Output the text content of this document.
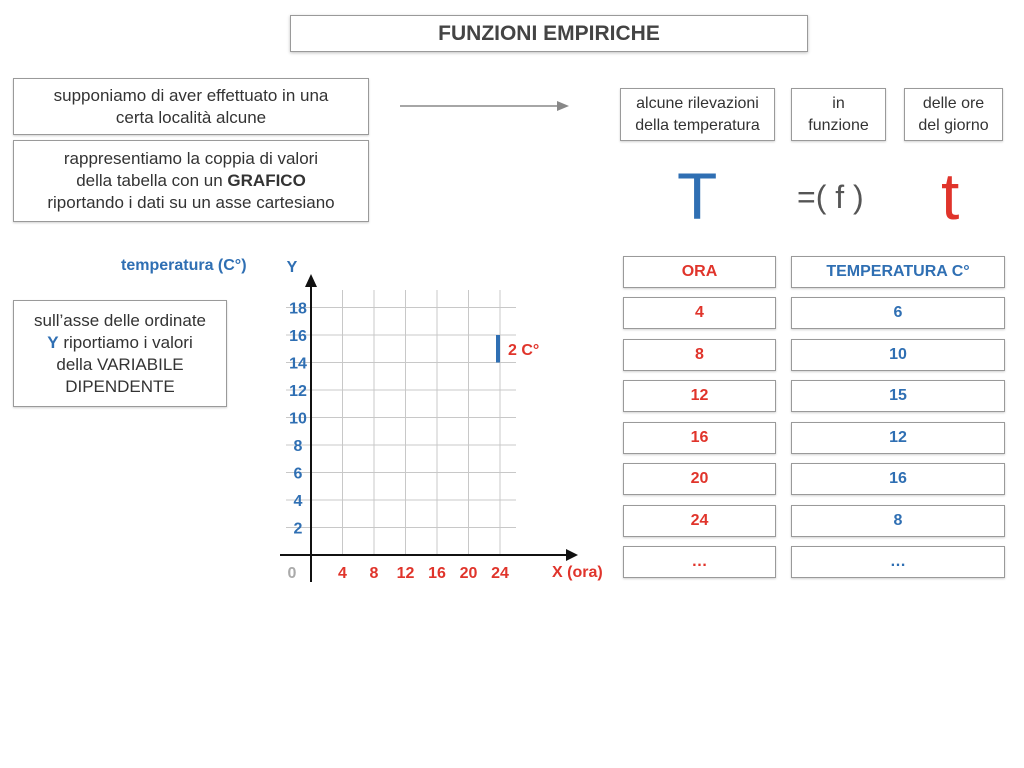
FUNZIONI EMPIRICHE
supponiamo di aver effettuato in una
certa località alcune
rappresentiamo la coppia di valori
della tabella con un GRAFICO
riportando i dati su un asse cartesiano
alcune rilevazioni
della temperatura
in
funzione
delle ore
del giorno
T =( f ) t
sull’asse delle ordinate
Y riportiamo i valori
della VARIABILE
DIPENDENTE
temperatura (C°)	Y
X (ora)
0	4 8 12 16 20 24
2
4
6
8
10
12
14
16
18
2 C°
ORA	TEMPERATURA C°
4	6
8	10
12	15
16	12
20	16
24	8
…	…
